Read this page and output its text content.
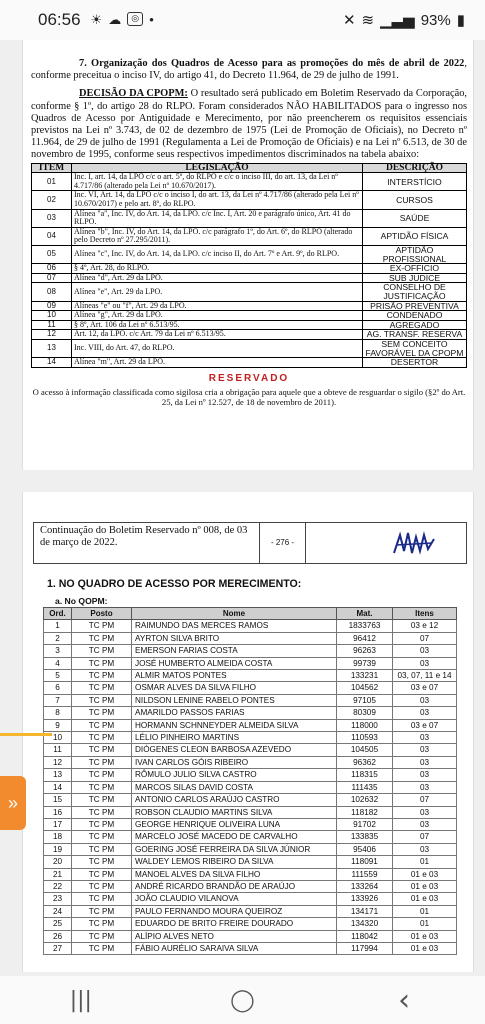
06:56 ☀ ☁	◎ •	✕ ≋ ▁▃▅ 93% ▮

7. Organização dos Quadros de Acesso para as promoções do mês de abril de 2022, conforme preceitua o inciso IV, do artigo 41, do Decreto 11.964, de 29 de julho de 1991.

DECISÃO DA CPOPM: O resultado será publicado em Boletim Reservado da Corporação, conforme § 1º, do artigo 28 do RLPO. Foram considerados NÃO HABILITADOS para o ingresso nos Quadros de Acesso por Antiguidade e Merecimento, por não preencherem os requisitos essenciais previstos na Lei nº 3.743, de 02 de dezembro de 1975 (Lei de Promoção de Oficiais), no Decreto nº 11.964, de 29 de julho de 1991 (Regulamenta a Lei de Promoção de Oficiais) e na Lei nº 6.513, de 30 de novembro de 1995, conforme seus respectivos impedimentos discriminados na tabela abaixo:

ITEM	LEGISLAÇÃO	DESCRIÇÃO
01	Inc. I, art. 14, da LPO c/c o art. 5º, do RLPO e c/c o inciso III, do art. 13, da Lei nº 4.717/86 (alterado pela Lei nº 10.670/2017).	INTERSTÍCIO
02	Inc. VI, Art. 14, da LPO c/c o inciso I, do art. 13, da Lei nº 4.717/86 (alterado pela Lei nº 10.670/2017) e pelo art. 8º, do RLPO.	CURSOS
03	Alínea "a", Inc. IV, do Art. 14, da LPO. c/c Inc. I, Art. 20 e parágrafo único, Art. 41 do RLPO.	SAÚDE
04	Alínea "b", Inc. IV, do Art. 14, da LPO. c/c parágrafo 1º, do Art. 6º, do RLPO (alterado pelo Decreto nº 27.295/2011).	APTIDÃO FÍSICA
05	Alínea "c", Inc. IV, do Art. 14, da LPO. c/c inciso II, do Art. 7º e Art. 9º, do RLPO.	APTIDÃO PROFISSIONAL
06	§ 4º, Art. 28, do RLPO.	EX-OFFICIO
07	Alínea "d", Art. 29 da LPO.	SUB JUDICE
08	Alínea "e", Art. 29 da LPO.	CONSELHO DE JUSTIFICAÇÃO
09	Alíneas "e" ou "f", Art. 29 da LPO.	PRISÃO PREVENTIVA
10	Alínea "g", Art. 29 da LPO.	CONDENADO
11	§ 8º, Art. 106 da Lei nº 6.513/95.	AGREGADO
12	Art. 12, da LPO. c/c Art. 79 da Lei nº 6.513/95.	AG. TRANSF. RESERVA
13	Inc. VIII, do Art. 47, do RLPO.	SEM CONCEITO FAVORÁVEL DA CPOPM
14	Alínea "m", Art. 29 da LPO.	DESERTOR
RESERVADO
O acesso à informação classificada como sigilosa cria a obrigação para aquele que a obteve de resguardar o sigilo (§2º do Art. 25, da Lei nº 12.527, de 18 de novembro de 2011).
Continuação do Boletim Reservado nº 008, de 03 de março de 2022.	- 276 -
1. NO QUADRO DE ACESSO POR MERECIMENTO:
a. No QOPM:
Ord.	Posto	Nome	Mat.	Itens
1	TC PM	RAIMUNDO DAS MERCES RAMOS	1833763	03 e 12
2	TC PM	AYRTON SILVA BRITO	96412	07
3	TC PM	EMERSON FARIAS COSTA	96263	03
4	TC PM	JOSÉ HUMBERTO ALMEIDA COSTA	99739	03
5	TC PM	ALMIR MATOS PONTES	133231	03, 07, 11 e 14
6	TC PM	OSMAR ALVES DA SILVA FILHO	104562	03 e 07
7	TC PM	NILDSON LENINE RABELO PONTES	97105	03
8	TC PM	AMARILDO PASSOS FARIAS	80309	03
9	TC PM	HORMANN SCHNNEYDER ALMEIDA SILVA	118000	03 e 07
10	TC PM	LÉLIO PINHEIRO MARTINS	110593	03
11	TC PM	DIÓGENES CLEON BARBOSA AZEVEDO	104505	03
12	TC PM	IVAN CARLOS GÓIS RIBEIRO	96362	03
13	TC PM	RÔMULO JULIO SILVA CASTRO	118315	03
14	TC PM	MARCOS SILAS DAVID COSTA	111435	03
15	TC PM	ANTONIO CARLOS ARAÚJO CASTRO	102632	07
16	TC PM	ROBSON CLAUDIO MARTINS SILVA	118182	03
17	TC PM	GEORGE HENRIQUE OLIVEIRA LUNA	91702	03
18	TC PM	MARCELO JOSÉ MACEDO DE CARVALHO	133835	07
19	TC PM	GOERING JOSÉ FERREIRA DA SILVA JÚNIOR	95406	03
20	TC PM	WALDEY LEMOS RIBEIRO DA SILVA	118091	01
21	TC PM	MANOEL ALVES DA SILVA FILHO	111559	01 e 03
22	TC PM	ANDRÉ RICARDO BRANDÃO DE ARAÚJO	133264	01 e 03
23	TC PM	JOÃO CLAUDIO VILANOVA	133926	01 e 03
24	TC PM	PAULO FERNANDO MOURA QUEIROZ	134171	01
25	TC PM	EDUARDO DE BRITO FREIRE DOURADO	134320	01
26	TC PM	ALÍPIO ALVES NETO	118042	01 e 03
27	TC PM	FÁBIO AURÉLIO SARAIVA SILVA	117994	01 e 03
»
|||	◯	‹
